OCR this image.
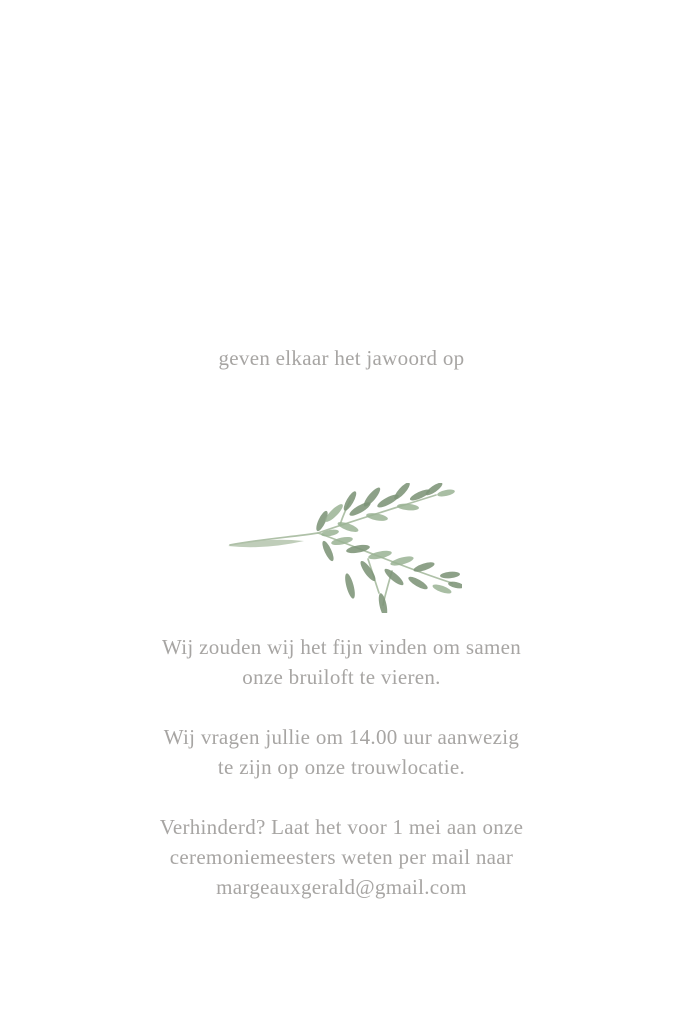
geven elkaar het jawoord op

Wij zouden wij het fijn vinden om samen
onze bruiloft te vieren.

Wij vragen jullie om 14.00 uur aanwezig
te zijn op onze trouwlocatie.

Verhinderd? Laat het voor 1 mei aan onze
ceremoniemeesters weten per mail naar
margeauxgerald@gmail.com
